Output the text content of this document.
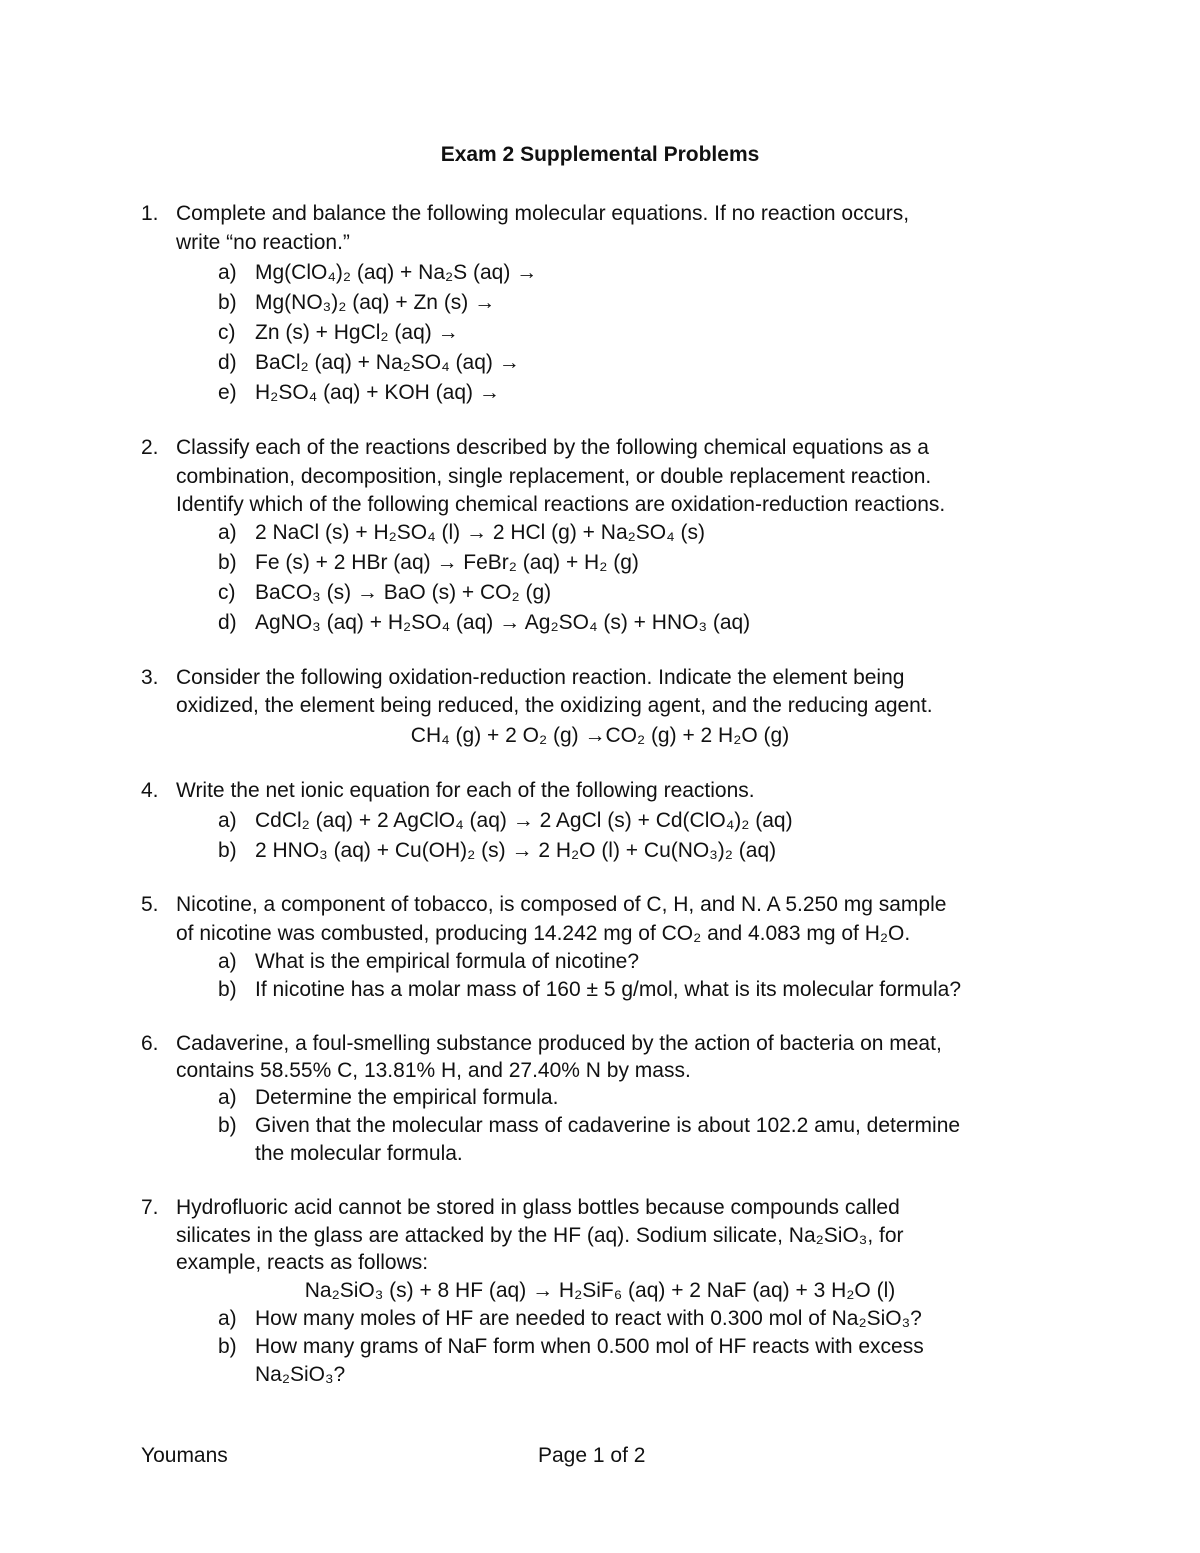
Exam 2 Supplemental Problems
1. Complete and balance the following molecular equations. If no reaction occurs,
write “no reaction.”
a) Mg(ClO₄)₂ (aq) + Na₂S (aq) →
b) Mg(NO₃)₂ (aq) + Zn (s) →
c) Zn (s) + HgCl₂ (aq) →
d) BaCl₂ (aq) + Na₂SO₄ (aq) →
e) H₂SO₄ (aq) + KOH (aq) →
2. Classify each of the reactions described by the following chemical equations as a
combination, decomposition, single replacement, or double replacement reaction.
Identify which of the following chemical reactions are oxidation-reduction reactions.
a) 2 NaCl (s) + H₂SO₄ (l) → 2 HCl (g) + Na₂SO₄ (s)
b) Fe (s) + 2 HBr (aq) → FeBr₂ (aq) + H₂ (g)
c) BaCO₃ (s) → BaO (s) + CO₂ (g)
d) AgNO₃ (aq) + H₂SO₄ (aq) → Ag₂SO₄ (s) + HNO₃ (aq)
3. Consider the following oxidation-reduction reaction. Indicate the element being
oxidized, the element being reduced, the oxidizing agent, and the reducing agent.
CH₄ (g) + 2 O₂ (g) →CO₂ (g) + 2 H₂O (g)
4. Write the net ionic equation for each of the following reactions.
a) CdCl₂ (aq) + 2 AgClO₄ (aq) → 2 AgCl (s) + Cd(ClO₄)₂ (aq)
b) 2 HNO₃ (aq) + Cu(OH)₂ (s) → 2 H₂O (l) + Cu(NO₃)₂ (aq)
5. Nicotine, a component of tobacco, is composed of C, H, and N. A 5.250 mg sample
of nicotine was combusted, producing 14.242 mg of CO₂ and 4.083 mg of H₂O.
a) What is the empirical formula of nicotine?
b) If nicotine has a molar mass of 160 ± 5 g/mol, what is its molecular formula?
6. Cadaverine, a foul-smelling substance produced by the action of bacteria on meat,
contains 58.55% C, 13.81% H, and 27.40% N by mass.
a) Determine the empirical formula.
b) Given that the molecular mass of cadaverine is about 102.2 amu, determine
the molecular formula.
7. Hydrofluoric acid cannot be stored in glass bottles because compounds called
silicates in the glass are attacked by the HF (aq). Sodium silicate, Na₂SiO₃, for
example, reacts as follows:
Na₂SiO₃ (s) + 8 HF (aq) → H₂SiF₆ (aq) + 2 NaF (aq) + 3 H₂O (l)
a) How many moles of HF are needed to react with 0.300 mol of Na₂SiO₃?
b) How many grams of NaF form when 0.500 mol of HF reacts with excess
Na₂SiO₃?
Youmans	Page 1 of 2
